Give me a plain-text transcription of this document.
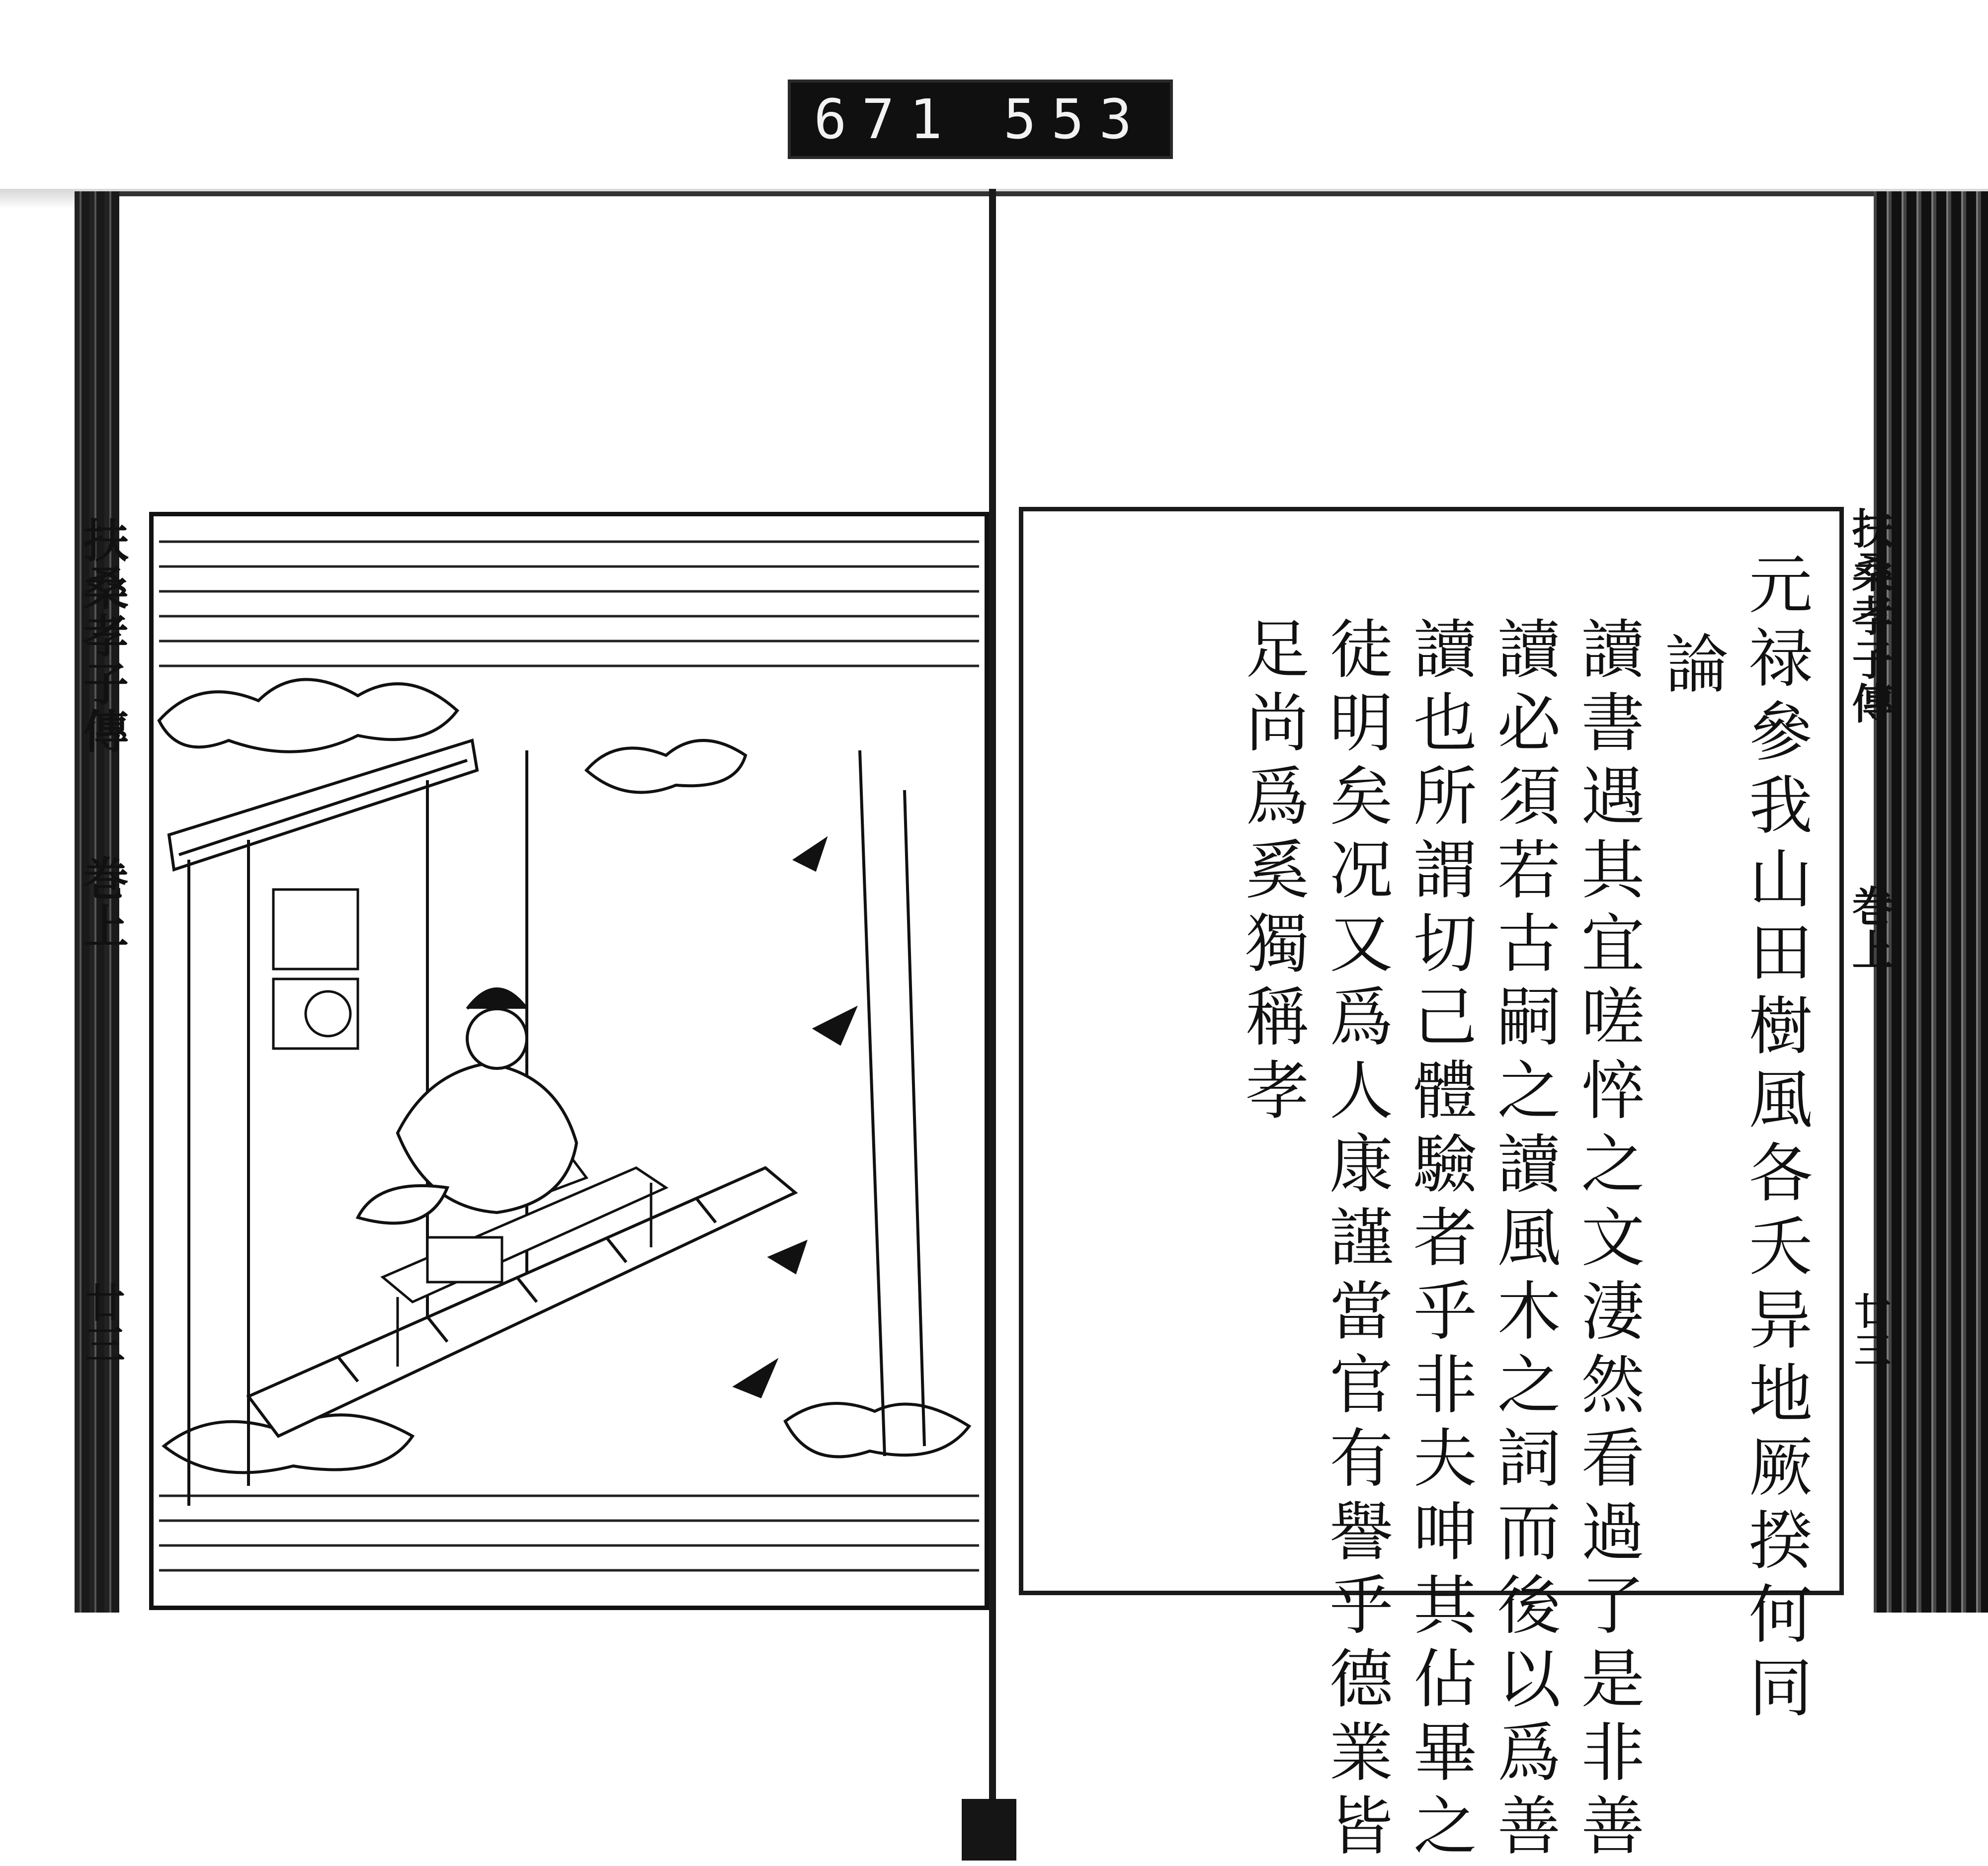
671 553
扶桑孝子傳
巻上
廿三	元禄參我山田樹風各夭异地厥揆何同
論
讀書遇其宜嗟悴之文淒然看過了是非善
讀必須若古嗣之讀風木之詞而後以爲善
讀也所謂切己體驗者乎非夫呻其佔畢之
徒明矣况又爲人康謹當官有譽乎德業皆
足尚爲奚獨稱孝	扶桑孝子傳
巻上
廿三
